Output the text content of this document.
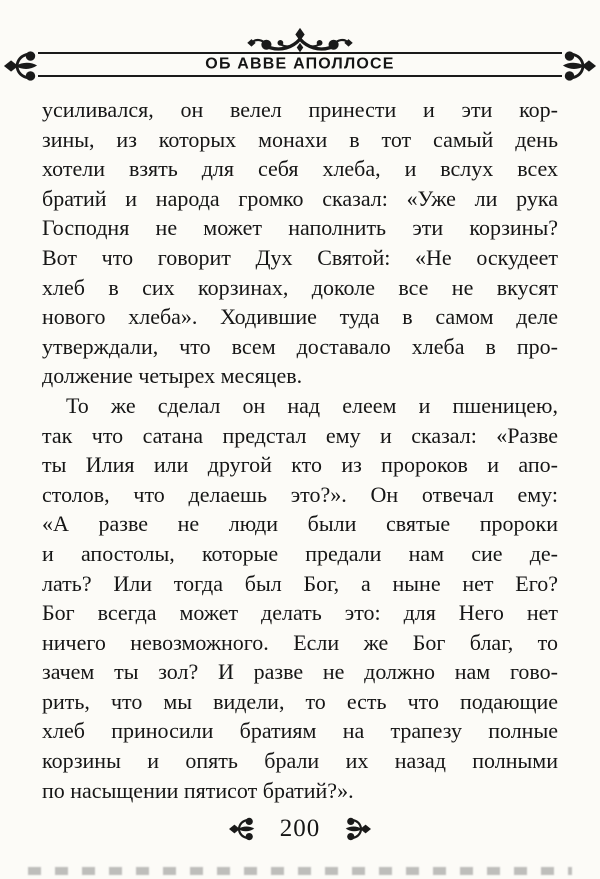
ОБ АВВЕ АПОЛЛОСЕ
усиливался, он велел принести и эти кор-
зины, из которых монахи в тот самый день
хотели взять для себя хлеба, и вслух всех
братий и народа громко сказал: «Уже ли рука
Господня не может наполнить эти корзины?
Вот что говорит Дух Святой: «Не оскудеет
хлеб в сих корзинах, доколе все не вкусят
нового хлеба». Ходившие туда в самом деле
утверждали, что всем доставало хлеба в про-
должение четырех месяцев.
То же сделал он над елеем и пшеницею,
так что сатана предстал ему и сказал: «Разве
ты Илия или другой кто из пророков и апо-
столов, что делаешь это?». Он отвечал ему:
«А разве не люди были святые пророки
и апостолы, которые предали нам сие де-
лать? Или тогда был Бог, а ныне нет Его?
Бог всегда может делать это: для Него нет
ничего невозможного. Если же Бог благ, то
зачем ты зол? И разве не должно нам гово-
рить, что мы видели, то есть что подающие
хлеб приносили братиям на трапезу полные
корзины и опять брали их назад полными
по насыщении пятисот братий?».
200
